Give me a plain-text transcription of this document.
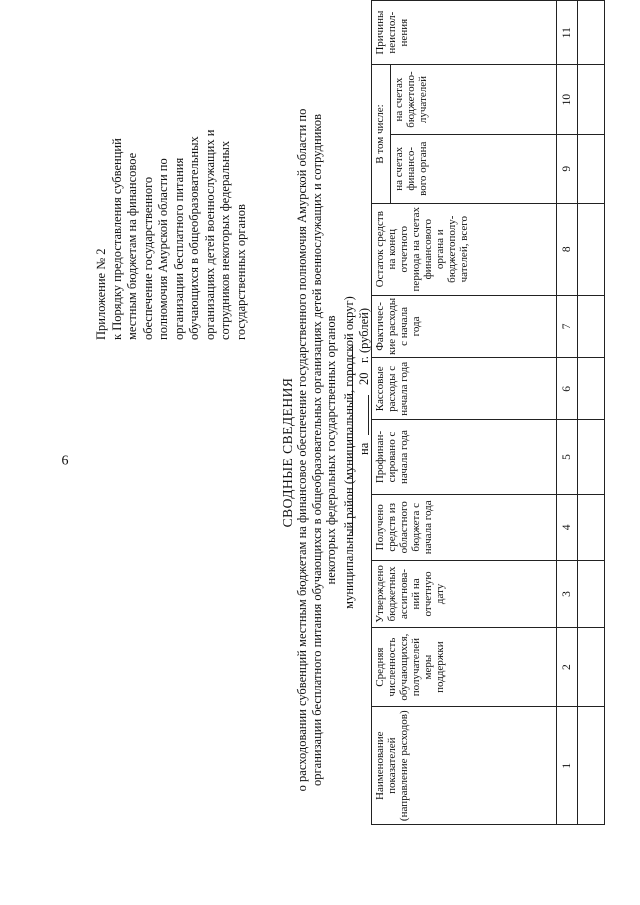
6
Приложение № 2 к Порядку предоставления субвенций местным бюджетам на финансовое обеспечение государственного полномочия Амурской области по организации бесплатного питания обучающихся в общеобразовательных организациях детей военнослужащих и сотрудников некоторых федеральных государственных органов
СВОДНЫЕ СВЕДЕНИЯ о расходовании субвенций местным бюджетам на финансовое обеспечение государственного полномочия Амурской области по организации бесплатного питания обучающихся в общеобразовательных организациях детей военнослужащих и сотрудников некоторых федеральных государственных органов муниципальный район (муниципальный, городской округ) на
20
г. (рублей)
Наименование показателей (направление расходов)	Средняя численность обучающихся, получателей меры поддержки	Утверждено бюджетных ассигнова-ний на отчетную дату	Получено средств из областного бюджета с начала года	Профинан-сировано с начала года	Кассовые расходы с начала года	Фактичес-кие расходы с начала года	Остаток средств на конец отчетного периода на счетах финансового органа и бюджетополу-чателей, всего	В том числе:		Причины неиспол-нения
								на счетах финансо-вого органа	на счетах бюджетопо-лучателей	
1	2	3	4	5	6	7	8	9	10	11
